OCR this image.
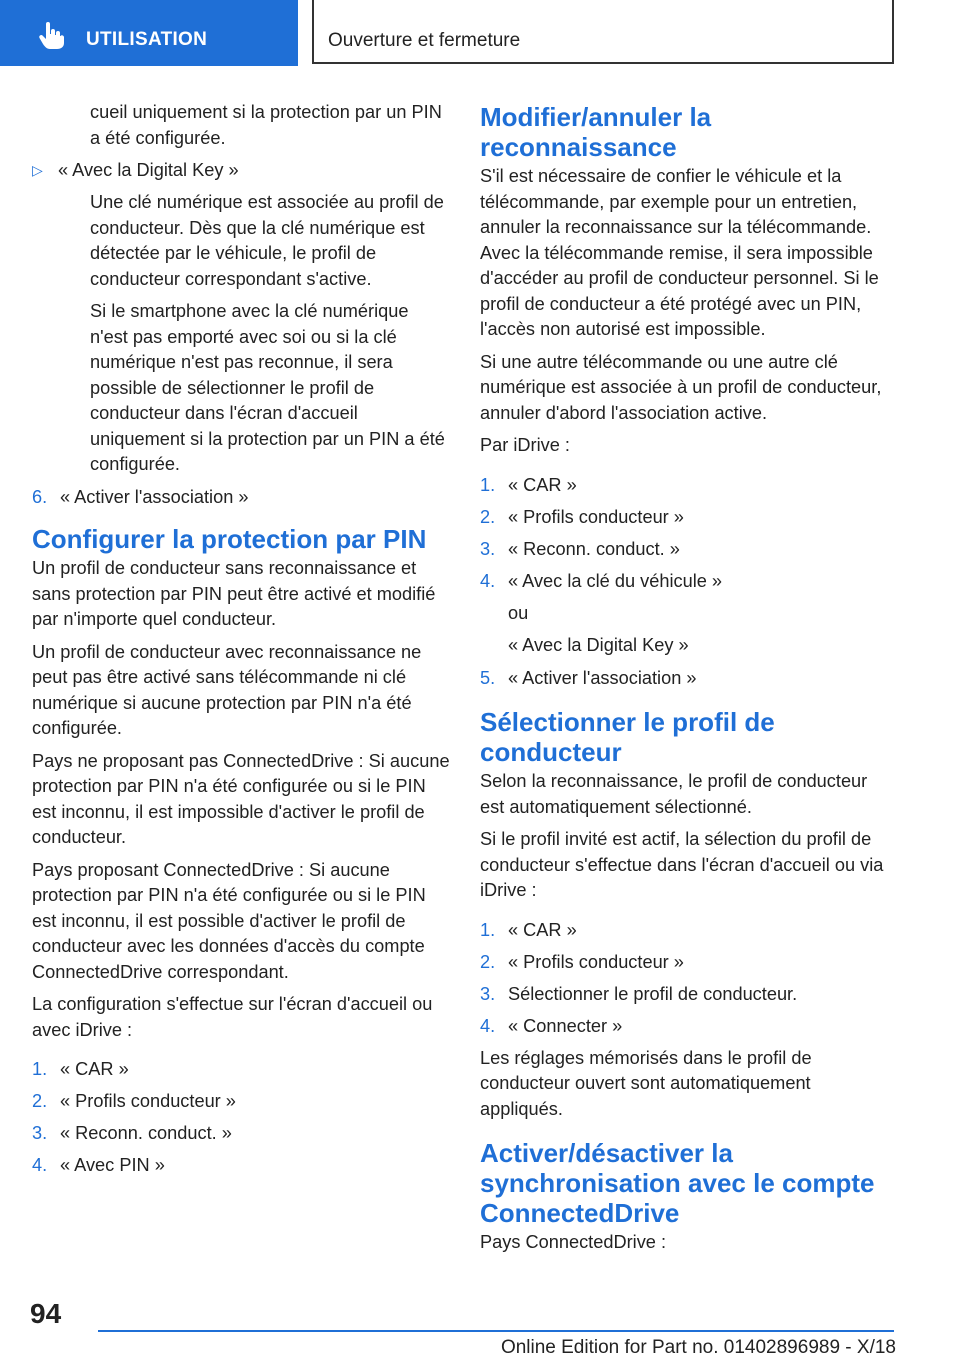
UTILISATION	Ouverture et fermeture

cueil uniquement si la protection par un PIN a été configurée.

▷ « Avec la Digital Key »

Une clé numérique est associée au profil de conducteur. Dès que la clé numérique est détectée par le véhicule, le profil de conducteur correspondant s'active.

Si le smartphone avec la clé numérique n'est pas emporté avec soi ou si la clé numérique n'est pas reconnue, il sera possible de sélectionner le profil de conducteur dans l'écran d'accueil uniquement si la protection par un PIN a été configurée.

6. « Activer l'association »
Configurer la protection par PIN

Un profil de conducteur sans reconnaissance et sans protection par PIN peut être activé et modifié par n'importe quel conducteur.

Un profil de conducteur avec reconnaissance ne peut pas être activé sans télécommande ni clé numérique si aucune protection par PIN n'a été configurée.

Pays ne proposant pas ConnectedDrive : Si aucune protection par PIN n'a été configurée ou si le PIN est inconnu, il est impossible d'activer le profil de conducteur.

Pays proposant ConnectedDrive : Si aucune protection par PIN n'a été configurée ou si le PIN est inconnu, il est possible d'activer le profil de conducteur avec les données d'accès du compte ConnectedDrive correspondant.

La configuration s'effectue sur l'écran d'accueil ou avec iDrive :

1. « CAR »
2. « Profils conducteur »
3. « Reconn. conduct. »
4. « Avec PIN »
Modifier/annuler la reconnaissance

S'il est nécessaire de confier le véhicule et la télécommande, par exemple pour un entretien, annuler la reconnaissance sur la télécommande. Avec la télécommande remise, il sera impossible d'accéder au profil de conducteur personnel. Si le profil de conducteur a été protégé avec un PIN, l'accès non autorisé est impossible.

Si une autre télécommande ou une autre clé numérique est associée à un profil de conducteur, annuler d'abord l'association active.

Par iDrive :

1. « CAR »
2. « Profils conducteur »
3. « Reconn. conduct. »
4. « Avec la clé du véhicule »

ou

« Avec la Digital Key »

5. « Activer l'association »
Sélectionner le profil de conducteur

Selon la reconnaissance, le profil de conducteur est automatiquement sélectionné.

Si le profil invité est actif, la sélection du profil de conducteur s'effectue dans l'écran d'accueil ou via iDrive :

1. « CAR »
2. « Profils conducteur »
3. Sélectionner le profil de conducteur.
4. « Connecter »

Les réglages mémorisés dans le profil de conducteur ouvert sont automatiquement appliqués.

Activer/désactiver la synchronisation avec le compte ConnectedDrive

Pays ConnectedDrive :

94
Online Edition for Part no. 01402896989 - X/18
